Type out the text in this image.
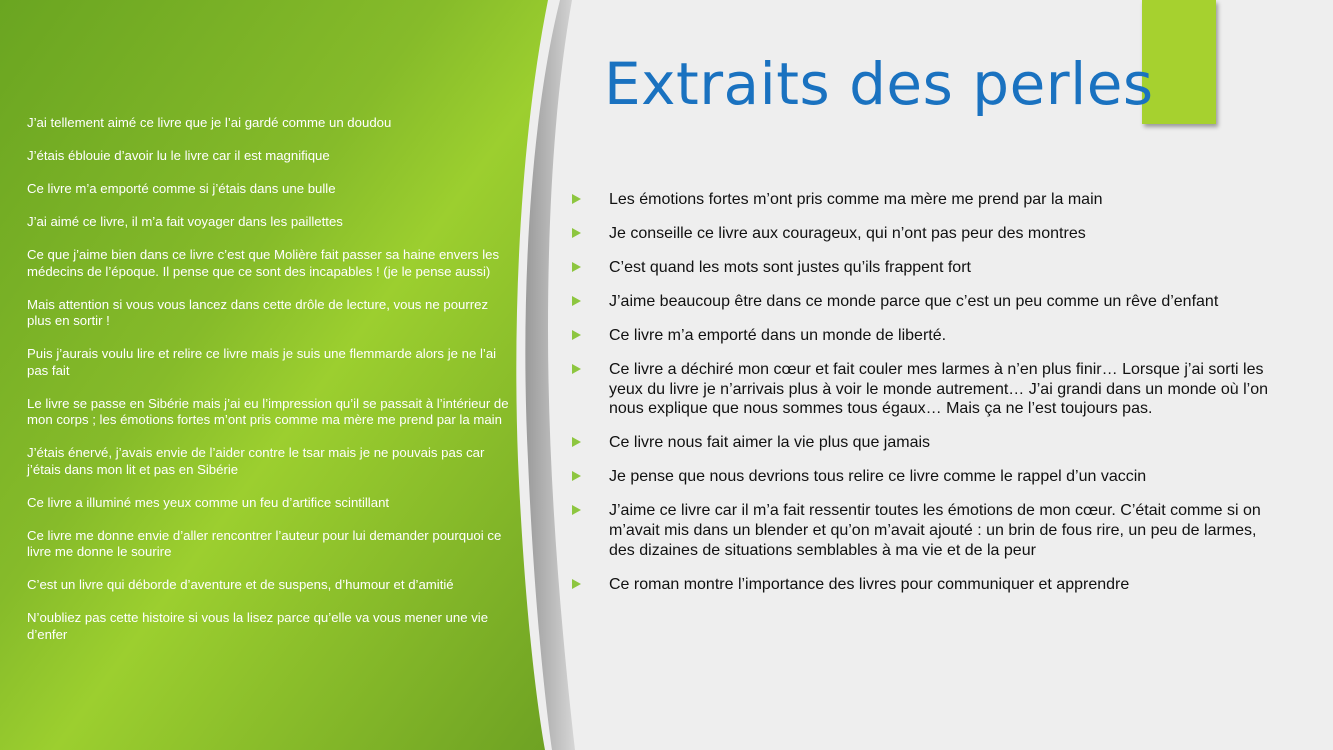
Extraits des perles
J’ai tellement aimé ce livre que je l’ai gardé comme un doudou
J’étais éblouie d’avoir lu le livre car il est magnifique
Ce livre m’a emporté comme si j’étais dans une bulle
J’ai aimé ce livre, il m’a fait voyager dans les paillettes
Ce que j’aime bien dans ce livre c’est que Molière fait passer sa haine envers les médecins de l’époque. Il pense que ce sont des incapables ! (je le pense aussi)
Mais attention si vous vous lancez dans cette drôle de lecture, vous ne pourrez plus en sortir !
Puis j’aurais voulu lire et relire ce livre mais je suis une flemmarde alors je ne l’ai pas fait
Le livre se passe en Sibérie mais j’ai eu l’impression qu’il se passait à l’intérieur de mon corps ; les émotions fortes m’ont pris comme ma mère me prend par la main
J’étais énervé, j’avais envie de l’aider contre le tsar mais je ne pouvais pas car j’étais dans mon lit et pas en Sibérie
Ce livre a illuminé mes yeux comme un feu d’artifice scintillant
Ce livre me donne envie d’aller rencontrer l’auteur pour lui demander pourquoi ce livre me donne le sourire
C’est un livre qui déborde d’aventure et de suspens, d’humour et d’amitié
N’oubliez pas cette histoire si vous la lisez parce qu’elle va vous mener une vie d’enfer
Les émotions fortes m’ont pris comme ma mère me prend par la main
Je conseille ce livre aux courageux, qui n’ont pas peur des montres
C’est quand les mots sont justes qu’ils frappent fort
J’aime beaucoup être dans ce monde parce que c’est un peu comme un rêve d’enfant
Ce livre m’a emporté dans un monde de liberté.
Ce livre a déchiré mon cœur et fait couler mes larmes à n’en plus finir… Lorsque j’ai sorti les yeux du livre je n’arrivais plus à voir le monde autrement… J’ai grandi dans un monde où l’on nous explique que nous sommes tous égaux… Mais ça ne l’est toujours pas.
Ce livre nous fait aimer la vie plus que jamais
Je pense que nous devrions tous relire ce livre comme le rappel d’un vaccin
J’aime ce livre car il m’a fait ressentir toutes les émotions de mon cœur. C’était comme si on m’avait mis dans un blender et qu’on m’avait ajouté : un brin de fous rire, un peu de larmes, des dizaines de situations semblables à ma vie et de la peur
Ce roman montre l’importance des livres pour communiquer et apprendre
